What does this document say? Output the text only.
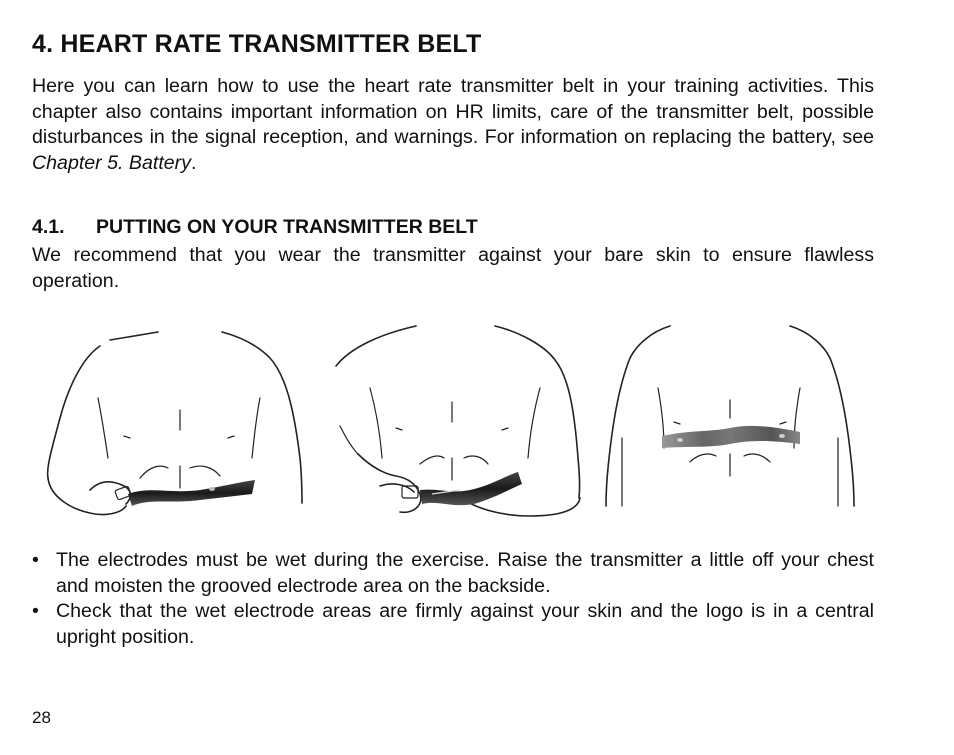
4. HEART RATE TRANSMITTER BELT
Here you can learn how to use the heart rate transmitter belt in your training activities. This chapter also contains important information on HR limits, care of the transmitter belt, possible disturbances in the signal reception, and warnings. For information on replacing the battery, see Chapter 5. Battery.
4.1. PUTTING ON YOUR TRANSMITTER BELT
We recommend that you wear the transmitter against your bare skin to ensure flawless operation.

• The electrodes must be wet during the exercise. Raise the transmitter a little off your chest and moisten the grooved electrode area on the backside.

• Check that the wet electrode areas are firmly against your skin and the logo is in a central upright position.

28
